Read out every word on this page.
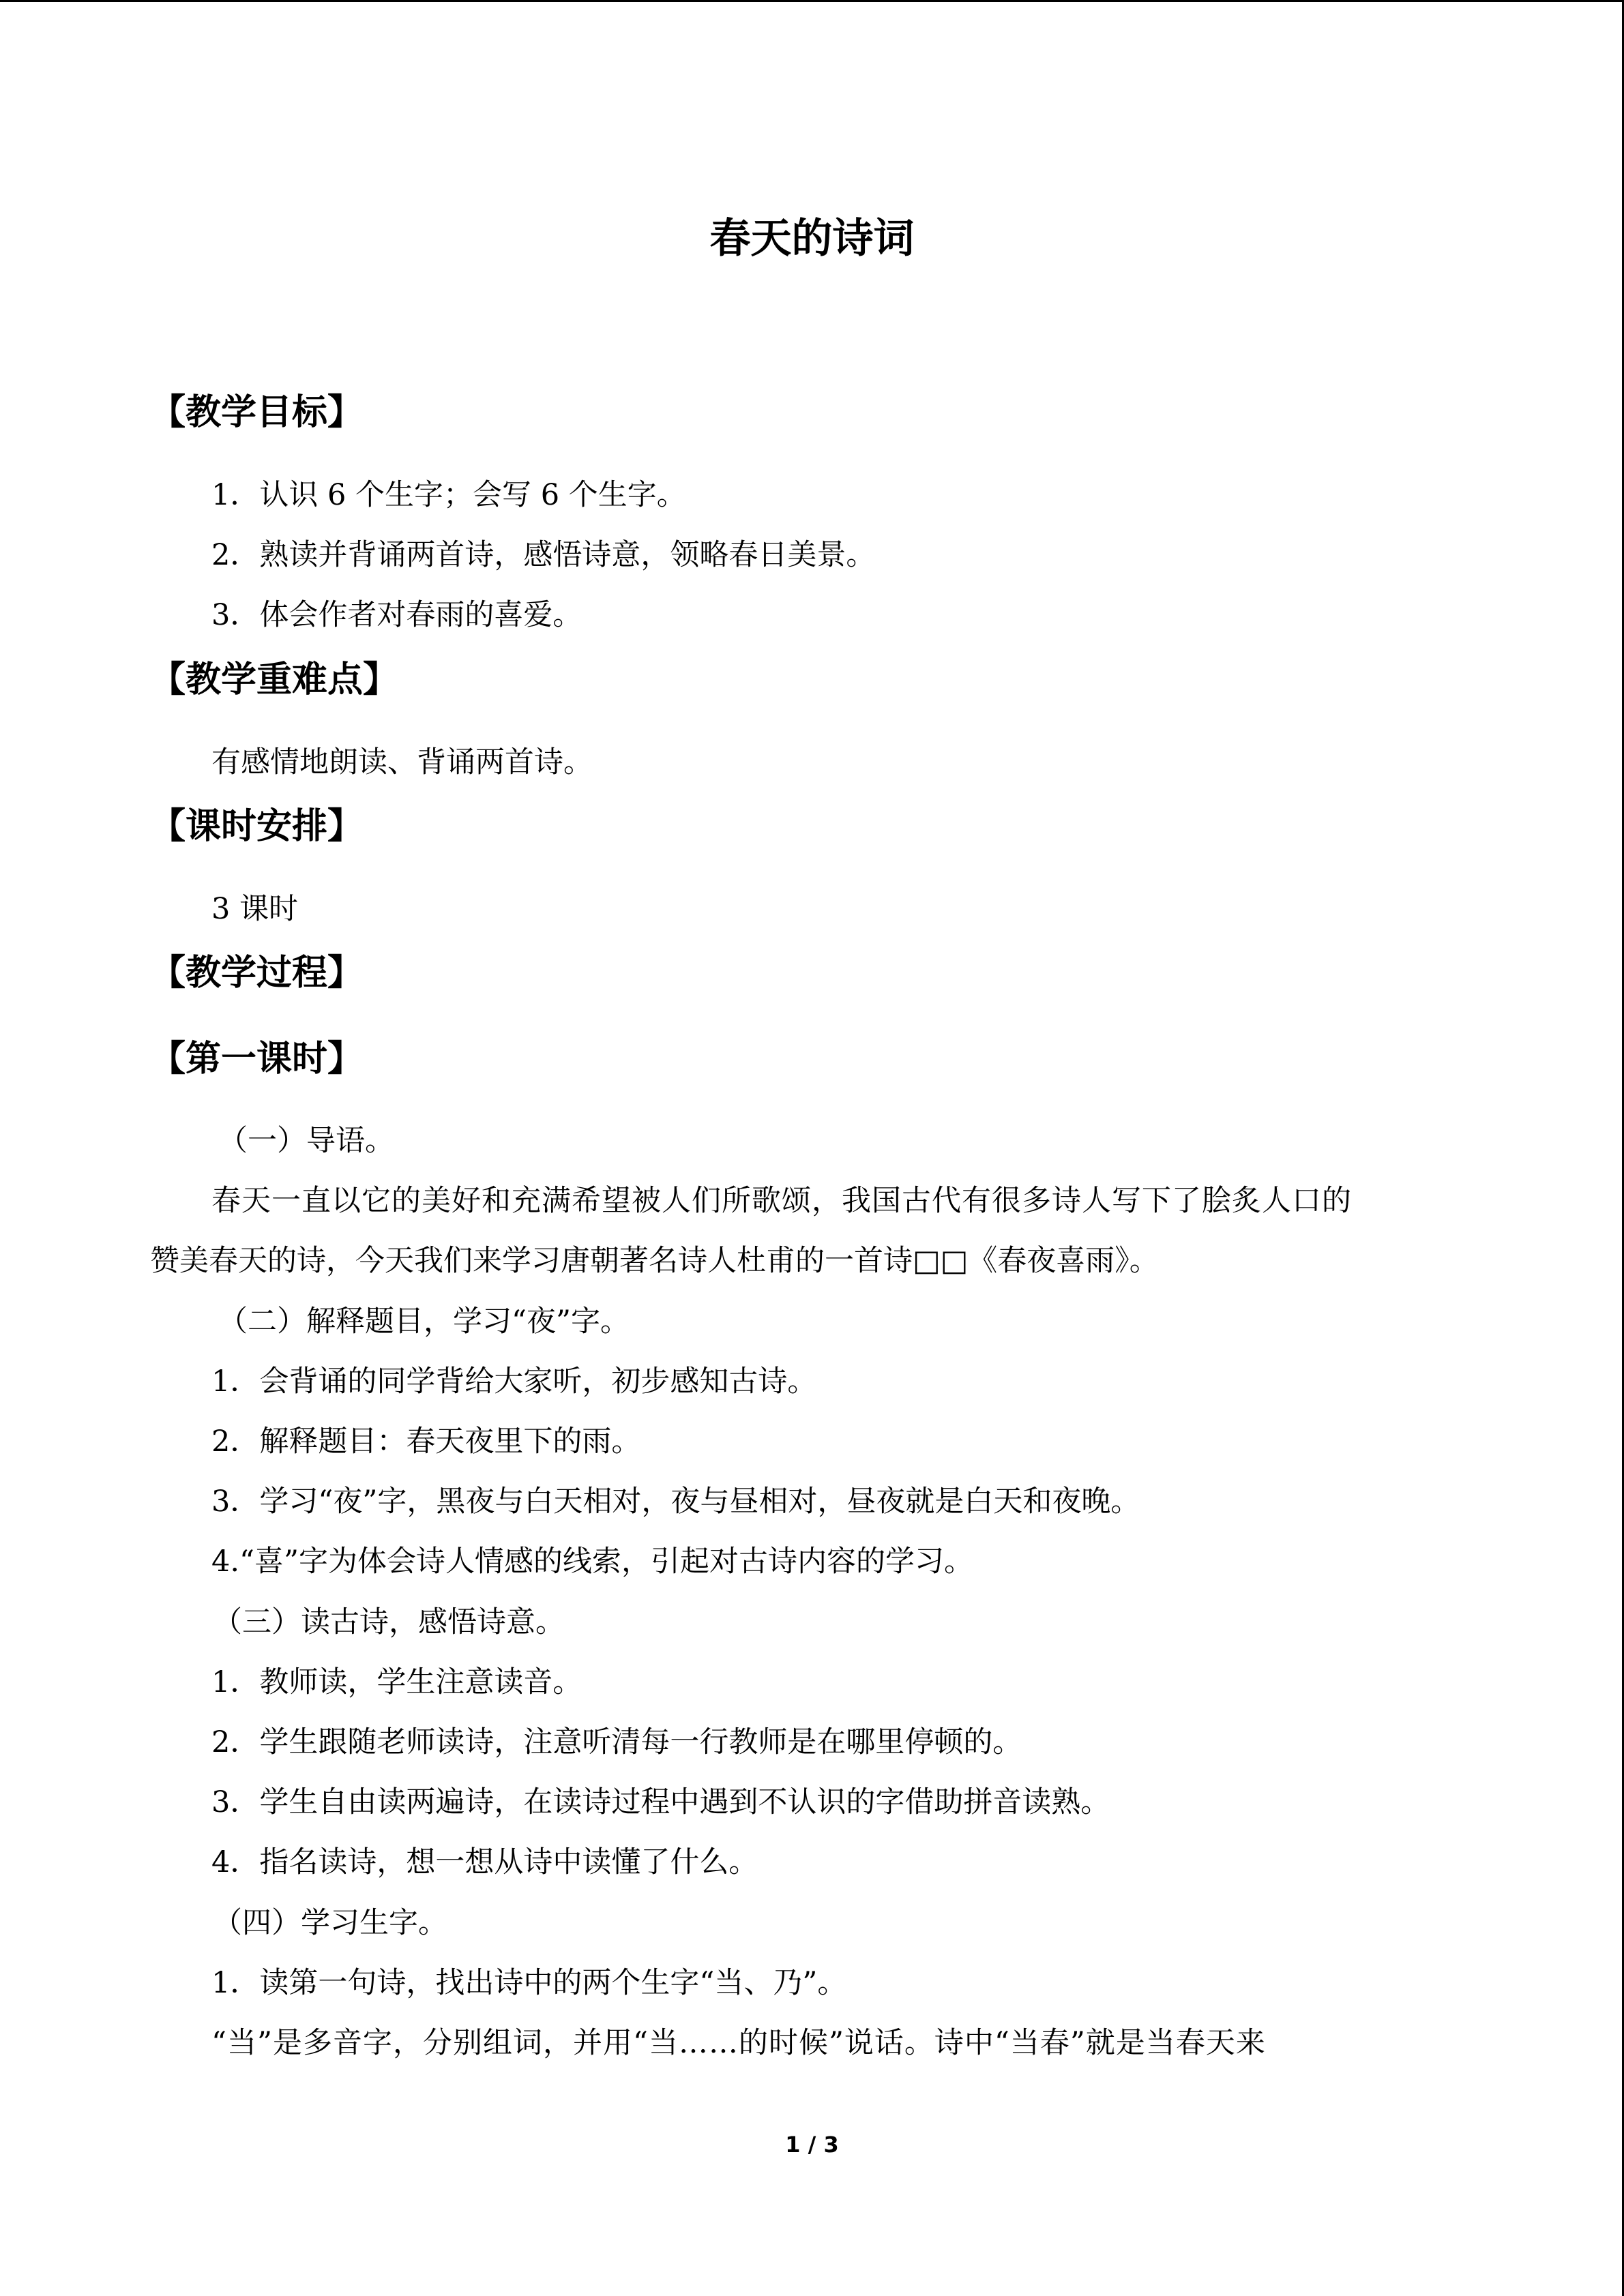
春天的诗词
【教学目标】
1．认识 6 个生字；会写 6 个生字。
2．熟读并背诵两首诗，感悟诗意，领略春日美景。
3．体会作者对春雨的喜爱。
【教学重难点】
有感情地朗读、背诵两首诗。
【课时安排】
3 课时
【教学过程】
【第一课时】
（一）导语。
春天一直以它的美好和充满希望被人们所歌颂，我国古代有很多诗人写下了脍炙人口的
赞美春天的诗，今天我们来学习唐朝著名诗人杜甫的一首诗□□《春夜喜雨》。
（二）解释题目，学习“夜”字。
1．会背诵的同学背给大家听，初步感知古诗。
2．解释题目：春天夜里下的雨。
3．学习“夜”字，黑夜与白天相对，夜与昼相对，昼夜就是白天和夜晚。
4.“喜”字为体会诗人情感的线索，引起对古诗内容的学习。
（三）读古诗，感悟诗意。
1．教师读，学生注意读音。
2．学生跟随老师读诗，注意听清每一行教师是在哪里停顿的。
3．学生自由读两遍诗，在读诗过程中遇到不认识的字借助拼音读熟。
4．指名读诗，想一想从诗中读懂了什么。
（四）学习生字。
1．读第一句诗，找出诗中的两个生字“当、乃”。
“当”是多音字，分别组词，并用“当……的时候”说话。诗中“当春”就是当春天来
1 / 3
